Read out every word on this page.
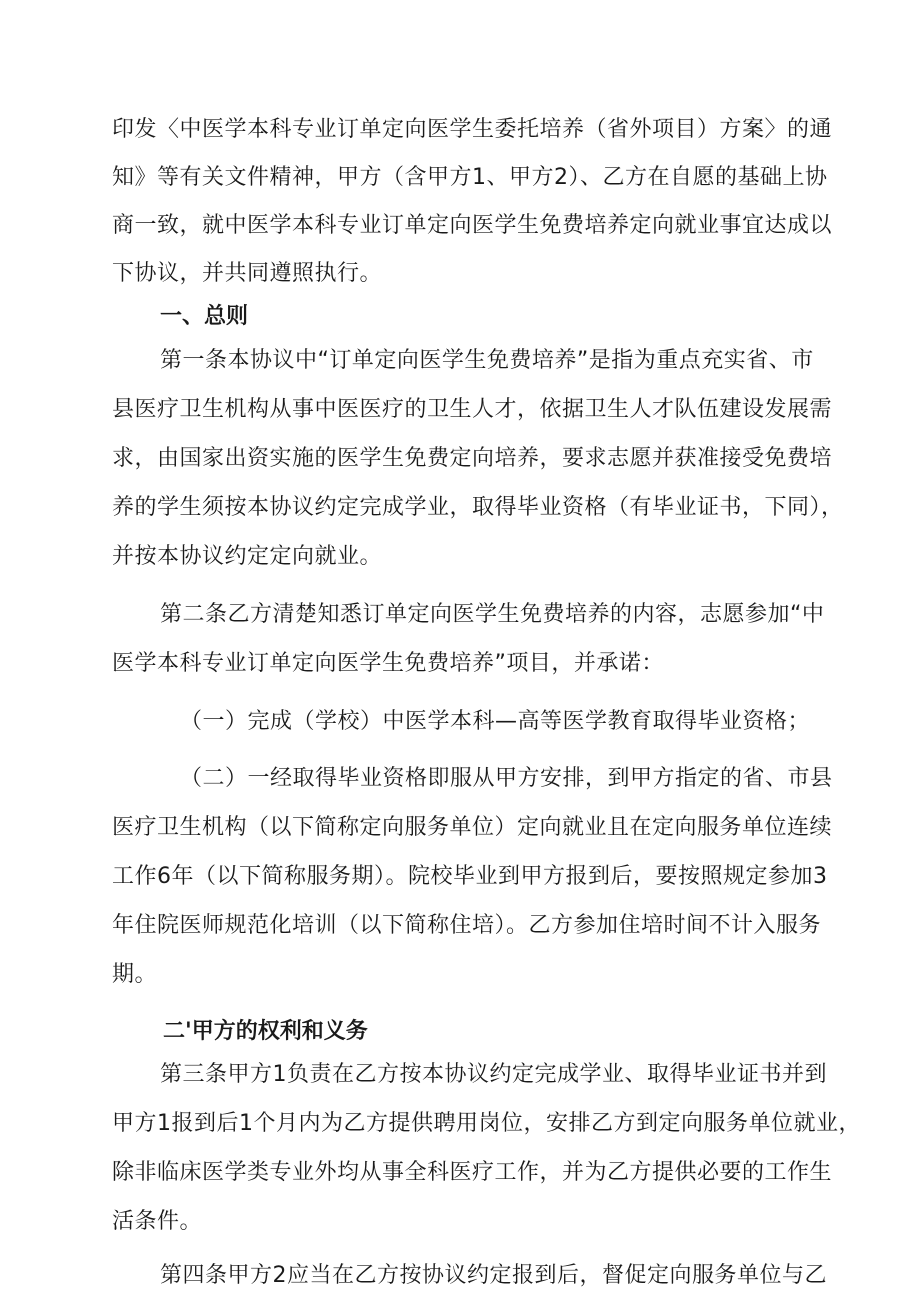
印发〈中医学本科专业订单定向医学生委托培养（省外项目）方案〉的通
知》等有关文件精神，甲方（含甲方1、甲方2）、乙方在自愿的基础上协
商一致，就中医学本科专业订单定向医学生免费培养定向就业事宜达成以
下协议，并共同遵照执行。
一、总则
第一条本协议中“订单定向医学生免费培养”是指为重点充实省、市
县医疗卫生机构从事中医医疗的卫生人才，依据卫生人才队伍建设发展需
求，由国家出资实施的医学生免费定向培养，要求志愿并获准接受免费培
养的学生须按本协议约定完成学业，取得毕业资格（有毕业证书，下同），
并按本协议约定定向就业。
第二条乙方清楚知悉订单定向医学生免费培养的内容，志愿参加“中
医学本科专业订单定向医学生免费培养”项目，并承诺：
（一）完成（学校）中医学本科—高等医学教育取得毕业资格；
（二）一经取得毕业资格即服从甲方安排，到甲方指定的省、市县
医疗卫生机构（以下简称定向服务单位）定向就业且在定向服务单位连续
工作6年（以下简称服务期）。院校毕业到甲方报到后，要按照规定参加3
年住院医师规范化培训（以下简称住培）。乙方参加住培时间不计入服务
期。
二'甲方的权利和义务
第三条甲方1负责在乙方按本协议约定完成学业、取得毕业证书并到
甲方1报到后1个月内为乙方提供聘用岗位，安排乙方到定向服务单位就业，
除非临床医学类专业外均从事全科医疗工作，并为乙方提供必要的工作生
活条件。
第四条甲方2应当在乙方按协议约定报到后，督促定向服务单位与乙
